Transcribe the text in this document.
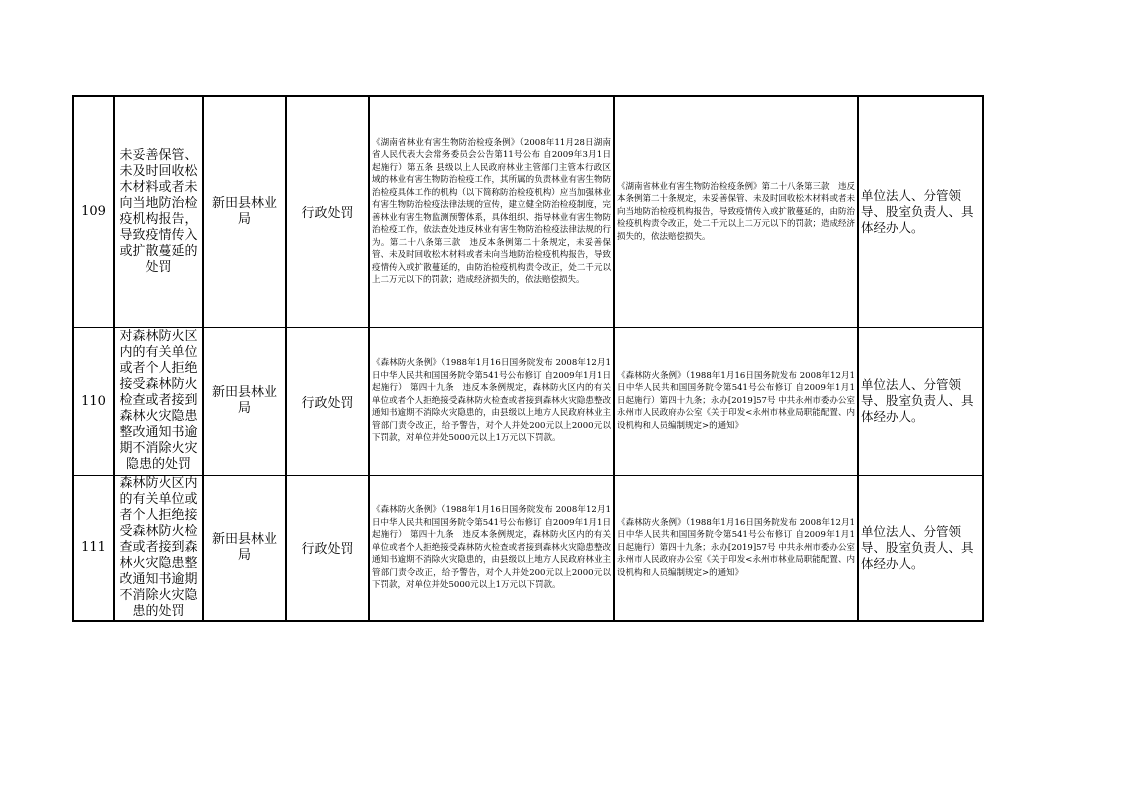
109	未妥善保管、未及时回收松木材料或者未向当地防治检疫机构报告，导致疫情传入或扩散蔓延的处罚	新田县林业局	行政处罚	《湖南省林业有害生物防治检疫条例》（2008年11月28日湖南省人民代表大会常务委员会公告第11号公布 自2009年3月1日起施行）第五条 县级以上人民政府林业主管部门主管本行政区域的林业有害生物防治检疫工作，其所属的负责林业有害生物防治检疫具体工作的机构（以下简称防治检疫机构）应当加强林业有害生物防治检疫法律法规的宣传，建立健全防治检疫制度，完善林业有害生物监测预警体系，具体组织、指导林业有害生物防治检疫工作，依法查处违反林业有害生物防治检疫法律法规的行为。第二十八条第三款　违反本条例第二十条规定，未妥善保管、未及时回收松木材料或者未向当地防治检疫机构报告，导致疫情传入或扩散蔓延的，由防治检疫机构责令改正，处二千元以上二万元以下的罚款；造成经济损失的，依法赔偿损失。	《湖南省林业有害生物防治检疫条例》第二十八条第三款　违反本条例第二十条规定，未妥善保管、未及时回收松木材料或者未向当地防治检疫机构报告，导致疫情传入或扩散蔓延的，由防治检疫机构责令改正，处二千元以上二万元以下的罚款；造成经济损失的，依法赔偿损失。	单位法人、分管领导、股室负责人、具体经办人。
110	对森林防火区内的有关单位或者个人拒绝接受森林防火检查或者接到森林火灾隐患整改通知书逾期不消除火灾隐患的处罚	新田县林业局	行政处罚	《森林防火条例》（1988年1月16日国务院发布 2008年12月1日中华人民共和国国务院令第541号公布修订 自2009年1月1日起施行） 第四十九条　违反本条例规定，森林防火区内的有关单位或者个人拒绝接受森林防火检查或者接到森林火灾隐患整改通知书逾期不消除火灾隐患的，由县级以上地方人民政府林业主管部门责令改正，给予警告，对个人并处200元以上2000元以下罚款，对单位并处5000元以上1万元以下罚款。	《森林防火条例》（1988年1月16日国务院发布 2008年12月1日中华人民共和国国务院令第541号公布修订 自2009年1月1日起施行）第四十九条；永办[2019]57号 中共永州市委办公室 永州市人民政府办公室《关于印发<永州市林业局职能配置、内设机构和人员编制规定>的通知》	单位法人、分管领导、股室负责人、具体经办人。
111	森林防火区内的有关单位或者个人拒绝接受森林防火检查或者接到森林火灾隐患整改通知书逾期不消除火灾隐患的处罚	新田县林业局	行政处罚	《森林防火条例》（1988年1月16日国务院发布 2008年12月1日中华人民共和国国务院令第541号公布修订 自2009年1月1日起施行） 第四十九条　违反本条例规定，森林防火区内的有关单位或者个人拒绝接受森林防火检查或者接到森林火灾隐患整改通知书逾期不消除火灾隐患的，由县级以上地方人民政府林业主管部门责令改正，给予警告，对个人并处200元以上2000元以下罚款，对单位并处5000元以上1万元以下罚款。	《森林防火条例》（1988年1月16日国务院发布 2008年12月1日中华人民共和国国务院令第541号公布修订 自2009年1月1日起施行）第四十九条；永办[2019]57号 中共永州市委办公室 永州市人民政府办公室《关于印发<永州市林业局职能配置、内设机构和人员编制规定>的通知》	单位法人、分管领导、股室负责人、具体经办人。
